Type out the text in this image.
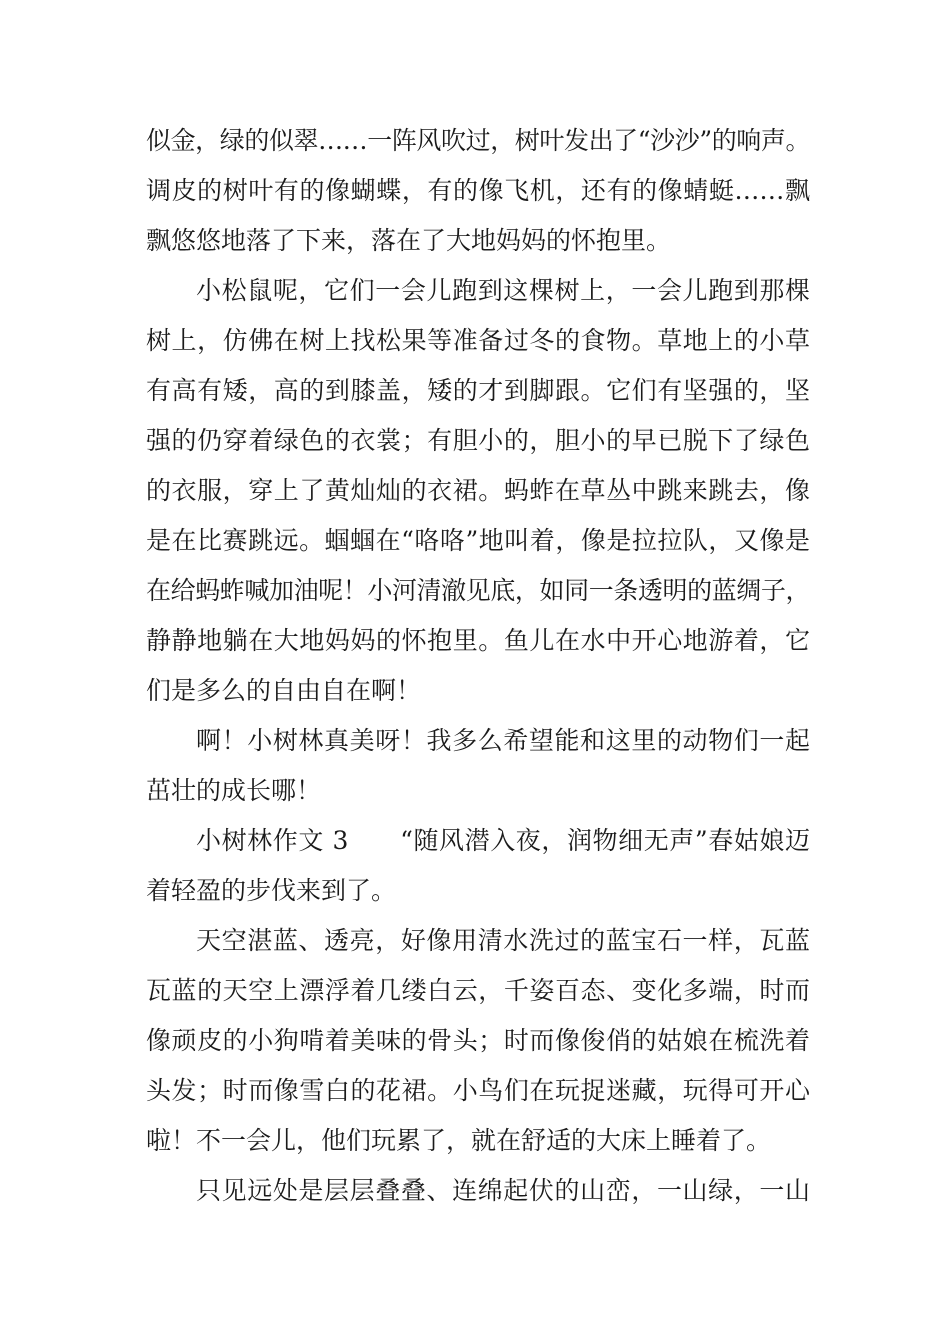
似金，绿的似翠……一阵风吹过，树叶发出了“沙沙”的响声。
调皮的树叶有的像蝴蝶，有的像飞机，还有的像蜻蜓……飘
飘悠悠地落了下来，落在了大地妈妈的怀抱里。
小松鼠呢，它们一会儿跑到这棵树上，一会儿跑到那棵
树上，仿佛在树上找松果等准备过冬的食物。草地上的小草
有高有矮，高的到膝盖，矮的才到脚跟。它们有坚强的，坚
强的仍穿着绿色的衣裳；有胆小的，胆小的早已脱下了绿色
的衣服，穿上了黄灿灿的衣裙。蚂蚱在草丛中跳来跳去，像
是在比赛跳远。蝈蝈在“咯咯”地叫着，像是拉拉队，又像是
在给蚂蚱喊加油呢！小河清澈见底，如同一条透明的蓝绸子，
静静地躺在大地妈妈的怀抱里。鱼儿在水中开心地游着，它
们是多么的自由自在啊！
啊！小树林真美呀！我多么希望能和这里的动物们一起
茁壮的成长哪！
小树林作文 3　　“随风潜入夜，润物细无声”春姑娘迈
着轻盈的步伐来到了。
天空湛蓝、透亮，好像用清水洗过的蓝宝石一样，瓦蓝
瓦蓝的天空上漂浮着几缕白云，千姿百态、变化多端，时而
像顽皮的小狗啃着美味的骨头；时而像俊俏的姑娘在梳洗着
头发；时而像雪白的花裙。小鸟们在玩捉迷藏，玩得可开心
啦！不一会儿，他们玩累了，就在舒适的大床上睡着了。
只见远处是层层叠叠、连绵起伏的山峦，一山绿，一山
